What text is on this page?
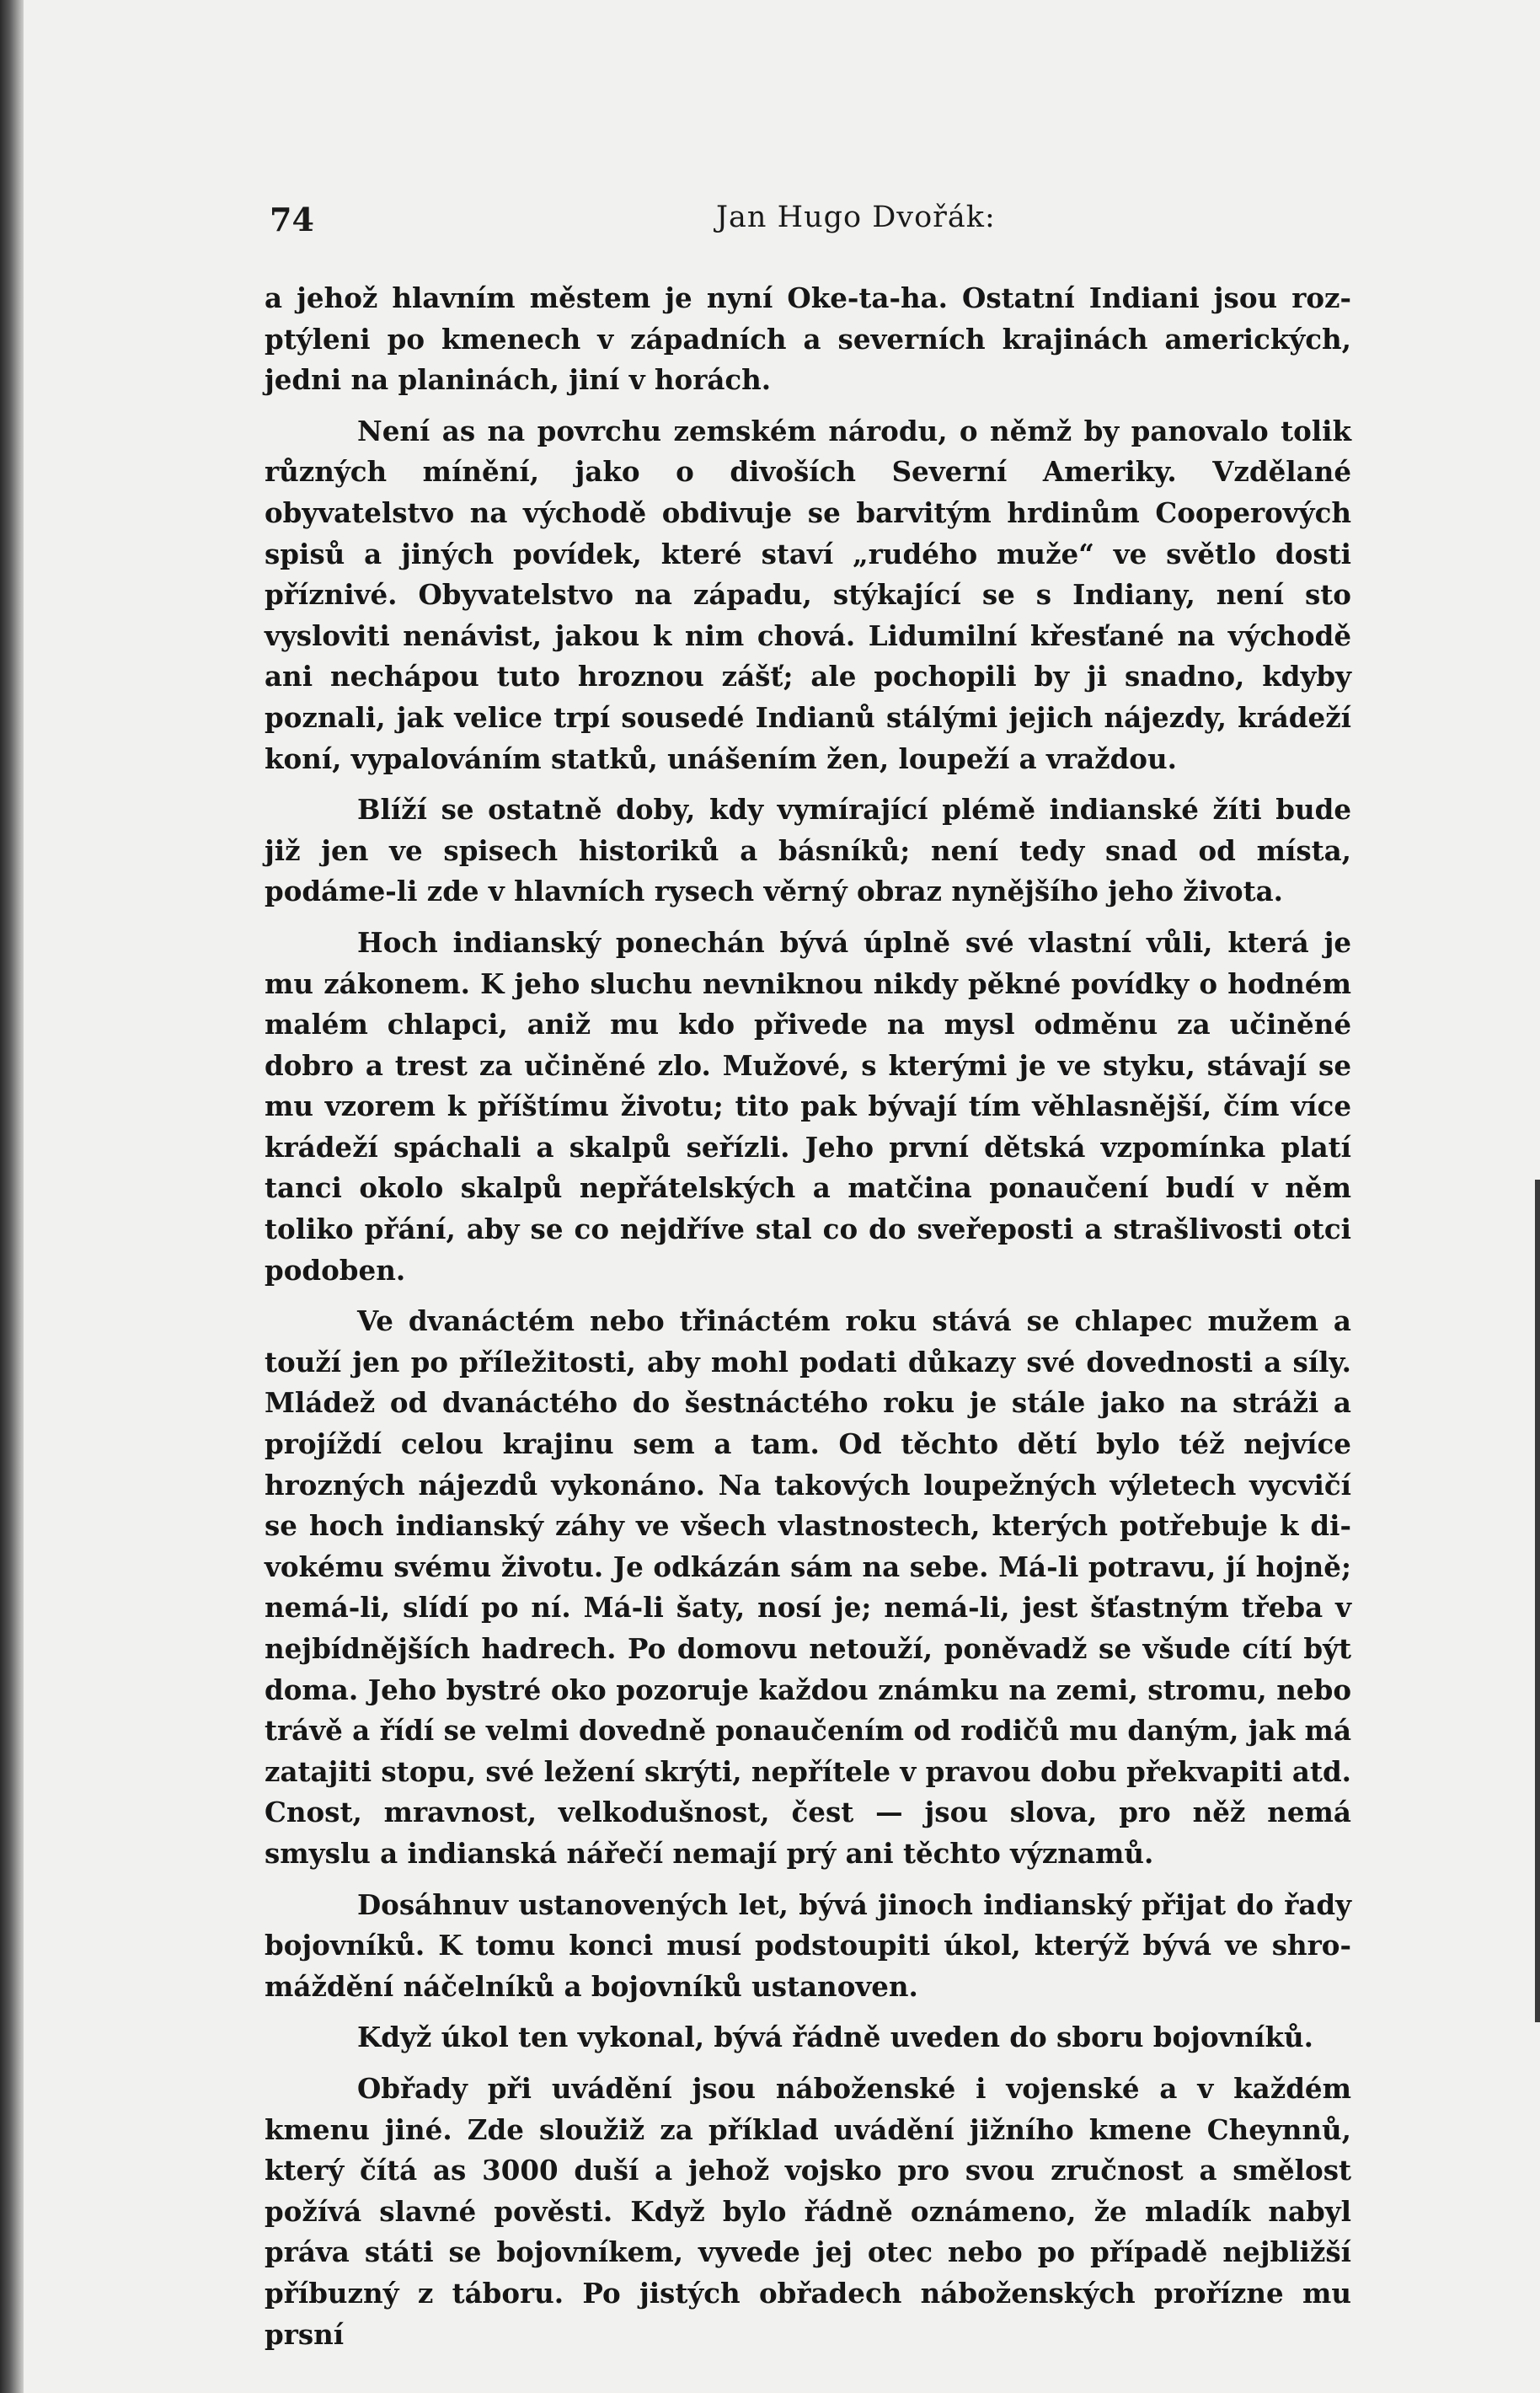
74	Jan Hugo Dvořák:

a jehož hlavním městem je nyní Oke-ta-ha. Ostatní Indiani jsou rozptýleni po kmenech v západních a severních krajinách amerických, jedni na planinách, jiní v horách.

Není as na povrchu zemském národu, o němž by panovalo tolik různých mínění, jako o divoších Severní Ameriky. Vzdělané obyvatelstvo na východě obdivuje se barvitým hrdinům Cooperových spisů a jiných povídek, které staví „rudého muže“ ve světlo dosti příznivé. Obyvatelstvo na západu, stýkající se s Indiany, není sto vysloviti nenávist, jakou k nim chová. Lidumilní křesťané na východě ani nechápou tuto hroznou zášť; ale pochopili by ji snadno, kdyby poznali, jak velice trpí sousedé Indianů stálými jejich nájezdy, krádeží koní, vypalováním statků, unášením žen, loupeží a vraždou.

Blíží se ostatně doby, kdy vymírající plémě indianské žíti bude již jen ve spisech historiků a básníků; není tedy snad od místa, podáme-li zde v hlavních rysech věrný obraz nynějšího jeho života.

Hoch indianský ponechán bývá úplně své vlastní vůli, která je mu zákonem. K jeho sluchu nevniknou nikdy pěkné povídky o hodném malém chlapci, aniž mu kdo přivede na mysl odměnu za učiněné dobro a trest za učiněné zlo. Mužové, s kterými je ve styku, stávají se mu vzorem k příštímu životu; tito pak bývají tím věhlasnější, čím více krádeží spáchali a skalpů seřízli. Jeho první dětská vzpomínka platí tanci okolo skalpů nepřátelských a matčina ponaučení budí v něm toliko přání, aby se co nejdříve stal co do sveřeposti a strašlivosti otci podoben.

Ve dvanáctém nebo třináctém roku stává se chlapec mužem a touží jen po příležitosti, aby mohl podati důkazy své dovednosti a síly. Mládež od dvanáctého do šestnáctého roku je stále jako na stráži a projíždí celou krajinu sem a tam. Od těchto dětí bylo též nejvíce hrozných nájezdů vykonáno. Na takových loupežných výletech vycvičí se hoch indianský záhy ve všech vlastnostech, kterých potřebuje k divokému svému životu. Je odkázán sám na sebe. Má-li potravu, jí hojně; nemá-li, slídí po ní. Má-li šaty, nosí je; nemá-li, jest šťastným třeba v nejbídnějších hadrech. Po domovu netouží, poněvadž se všude cítí být doma. Jeho bystré oko pozoruje každou známku na zemi, stromu, nebo trávě a řídí se velmi dovedně ponaučením od rodičů mu daným, jak má zatajiti stopu, své ležení skrýti, nepřítele v pravou dobu překvapiti atd. Cnost, mravnost, velkodušnost, čest — jsou slova, pro něž nemá smyslu a indianská nářečí nemají prý ani těchto významů.

Dosáhnuv ustanovených let, bývá jinoch indianský přijat do řady bojovníků. K tomu konci musí podstoupiti úkol, kterýž bývá ve shromáždění náčelníků a bojovníků ustanoven.

Když úkol ten vykonal, bývá řádně uveden do sboru bojovníků.

Obřady při uvádění jsou náboženské i vojenské a v každém kmenu jiné. Zde sloužiž za příklad uvádění jižního kmene Cheynnů, který čítá as 3000 duší a jehož vojsko pro svou zručnost a smělost požívá slavné pověsti. Když bylo řádně oznámeno, že mladík nabyl práva státi se bojovníkem, vyvede jej otec nebo po případě nejbližší příbuzný z táboru. Po jistých obřadech náboženských prořízne mu prsní
